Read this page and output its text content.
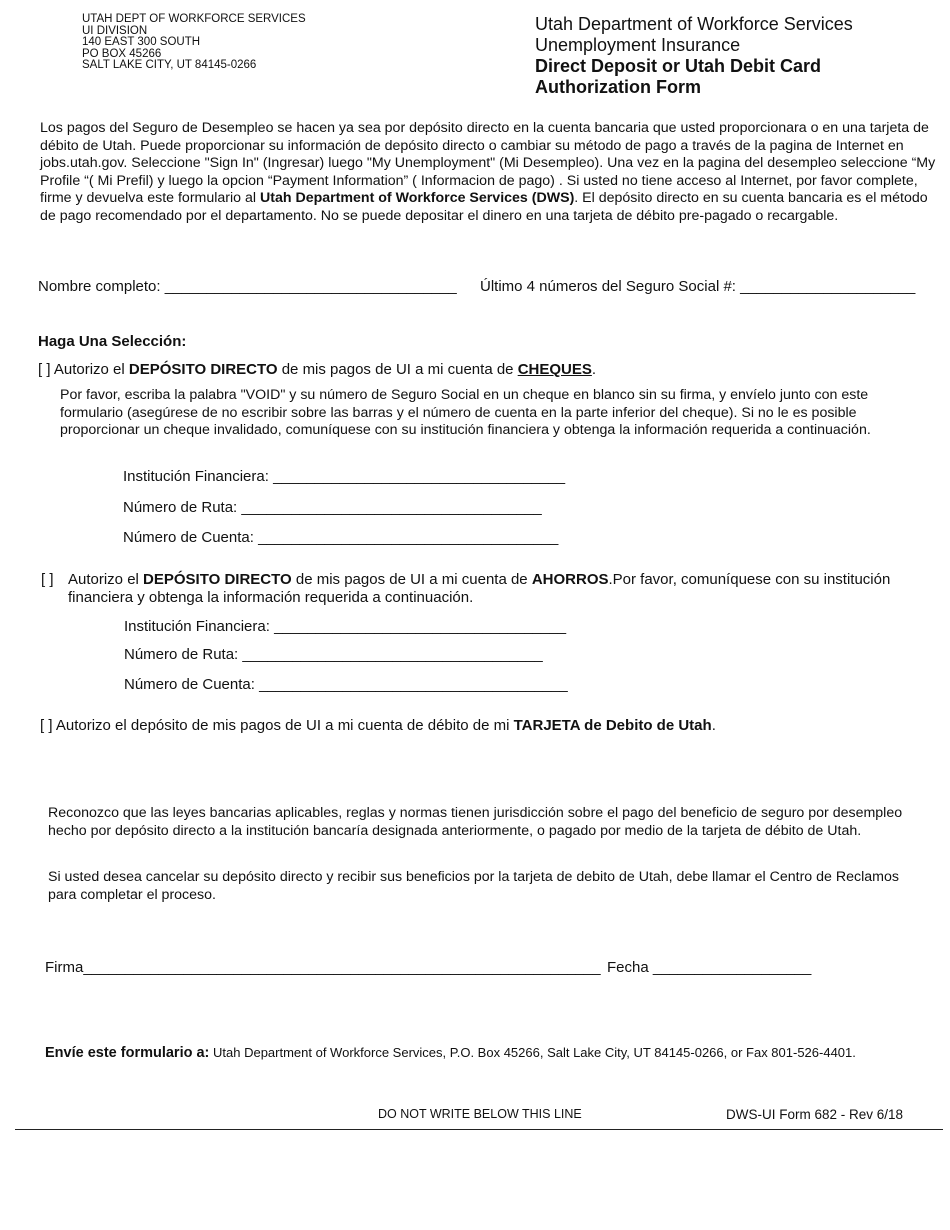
UTAH DEPT OF WORKFORCE SERVICES
UI DIVISION
140 EAST 300 SOUTH
PO BOX 45266
SALT LAKE CITY, UT 84145-0266
Utah Department of Workforce Services
Unemployment Insurance
Direct Deposit or Utah Debit Card
Authorization Form
Los pagos del Seguro de Desempleo se hacen ya sea por depósito directo en la cuenta bancaria que usted proporcionara o en una tarjeta de débito de Utah. Puede proporcionar su información de depósito directo o cambiar su método de pago a través de la pagina de Internet en jobs.utah.gov. Seleccione "Sign In" (Ingresar) luego "My Unemployment" (Mi Desempleo). Una vez en la pagina del desempleo seleccione “My Profile “( Mi Prefil) y luego la opcion “Payment Information” ( Informacion de pago) . Si usted no tiene acceso al Internet, por favor complete, firme y devuelva este formulario al Utah Department of Workforce Services (DWS). El depósito directo en su cuenta bancaria es el método de pago recomendado por el departamento. No se puede depositar el dinero en una tarjeta de débito pre-pagado o recargable.
Nombre completo: ___________________________________ Último 4 números del Seguro Social #: _____________________
Haga Una Selección:
[ ] Autorizo el DEPÓSITO DIRECTO de mis pagos de UI a mi cuenta de CHEQUES.
Por favor, escriba la palabra "VOID" y su número de Seguro Social en un cheque en blanco sin su firma, y envíelo junto con este formulario (asegúrese de no escribir sobre las barras y el número de cuenta en la parte inferior del cheque). Si no le es posible proporcionar un cheque invalidado, comuníquese con su institución financiera y obtenga la información requerida a continuación.
Institución Financiera: ___________________________________
Número de Ruta: ____________________________________
Número de Cuenta: ____________________________________
[ ] Autorizo el DEPÓSITO DIRECTO de mis pagos de UI a mi cuenta de AHORROS.Por favor, comuníquese con su institución financiera y obtenga la información requerida a continuación.
Institución Financiera: ___________________________________
Número de Ruta: ____________________________________
Número de Cuenta: _____________________________________
[ ] Autorizo el depósito de mis pagos de UI a mi cuenta de débito de mi TARJETA de Debito de Utah.
Reconozco que las leyes bancarias aplicables, reglas y normas tienen jurisdicción sobre el pago del beneficio de seguro por desempleo hecho por depósito directo a la institución bancaría designada anteriormente, o pagado por medio de la tarjeta de débito de Utah.
Si usted desea cancelar su depósito directo y recibir sus beneficios por la tarjeta de debito de Utah, debe llamar el Centro de Reclamos para completar el proceso.
Firma______________________________________________________________ Fecha ___________________
Envíe este formulario a: Utah Department of Workforce Services, P.O. Box 45266, Salt Lake City, UT 84145-0266, or Fax 801-526-4401.
DO NOT WRITE BELOW THIS LINE	DWS-UI Form 682 - Rev 6/18
